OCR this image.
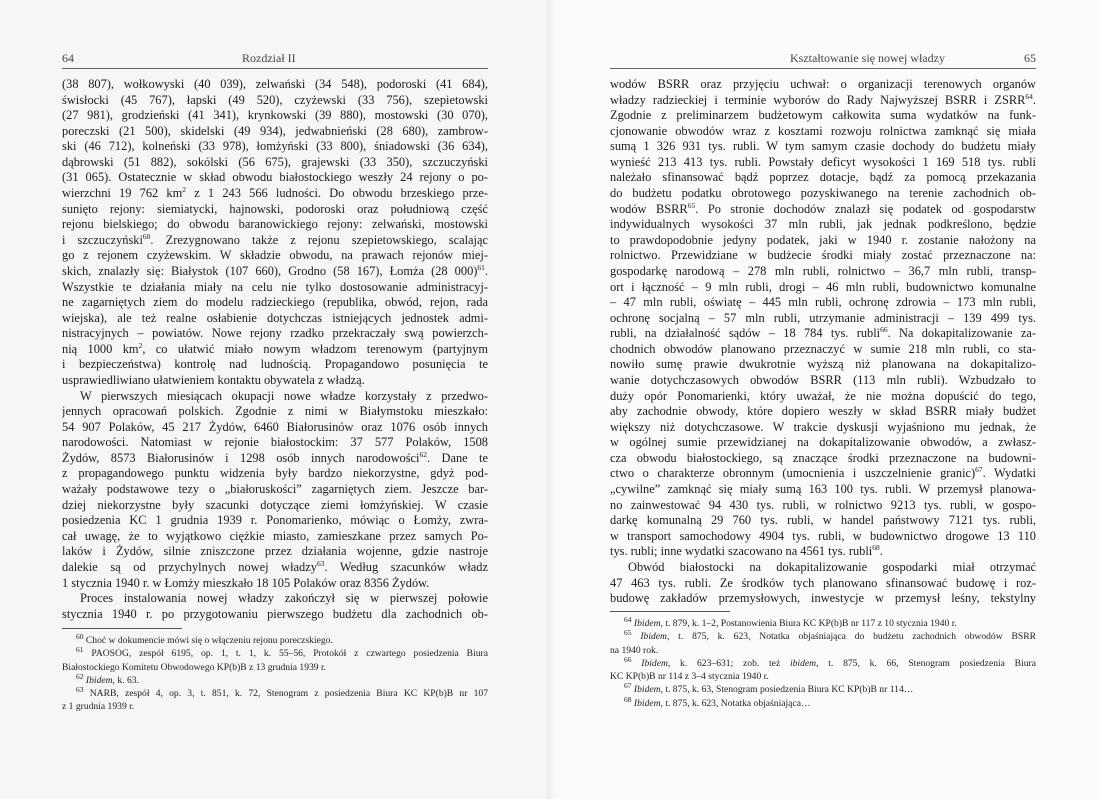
64	Rozdział II
(38 807), wołkowyski (40 039), zelwański (34 548), podoroski (41 684),
świsłocki (45 767), łapski (49 520), czyżewski (33 756), szepietowski
(27 981), grodzieński (41 341), krynkowski (39 880), mostowski (30 070),
poreczski (21 500), skidelski (49 934), jedwabnieński (28 680), zambrow-
ski (46 712), kolneński (33 978), łomżyński (33 800), śniadowski (36 634),
dąbrowski (51 882), sokólski (56 675), grajewski (33 350), szczuczyński
(31 065). Ostatecznie w skład obwodu białostockiego weszły 24 rejony o po-
wierzchni 19 762 $km^2$ z 1 243 566 ludności. Do obwodu brzeskiego prze-
sunięto rejony: siemiatycki, hajnowski, podoroski oraz południową część
rejonu bielskiego; do obwodu baranowickiego rejony: zelwański, mostowski
i szczuczyński$^{60}$. Zrezygnowano także z rejonu szepietowskiego, scalając
go z rejonem czyżewskim. W składzie obwodu, na prawach rejonów miej-
skich, znalazły się: Białystok (107 660), Grodno (58 167), Łomża (28 000)$^{61}$.
Wszystkie te działania miały na celu nie tylko dostosowanie administracyj-
ne zagarniętych ziem do modelu radzieckiego (republika, obwód, rejon, rada
wiejska), ale też realne osłabienie dotychczas istniejących jednostek admi-
nistracyjnych – powiatów. Nowe rejony rzadko przekraczały swą powierzch-
nią 1000 $km^2$, co ułatwić miało nowym władzom terenowym (partyjnym
i bezpieczeństwa) kontrolę nad ludnością. Propagandowo posunięcia te
usprawiedliwiano ułatwieniem kontaktu obywatela z władzą.
W pierwszych miesiącach okupacji nowe władze korzystały z przedwo-
jennych opracowań polskich. Zgodnie z nimi w Białymstoku mieszkało:
54 907 Polaków, 45 217 Żydów, 6460 Białorusinów oraz 1076 osób innych
narodowości. Natomiast w rejonie białostockim: 37 577 Polaków, 1508
Żydów, 8573 Białorusinów i 1298 osób innych narodowości$^{62}$. Dane te
z propagandowego punktu widzenia były bardzo niekorzystne, gdyż pod-
ważały podstawowe tezy o „białoruskości” zagarniętych ziem. Jeszcze bar-
dziej niekorzystne były szacunki dotyczące ziemi łomżyńskiej. W czasie
posiedzenia KC 1 grudnia 1939 r. Ponomarienko, mówiąc o Łomży, zwra-
cał uwagę, że to wyjątkowo ciężkie miasto, zamieszkane przez samych Po-
laków i Żydów, silnie zniszczone przez działania wojenne, gdzie nastroje
dalekie są od przychylnych nowej władzy$^{63}$. Według szacunków władz
1 stycznia 1940 r. w Łomży mieszkało 18 105 Polaków oraz 8356 Żydów.
Proces instalowania nowej władzy zakończył się w pierwszej połowie
stycznia 1940 r. po przygotowaniu pierwszego budżetu dla zachodnich ob-
$^{60}$ Choć w dokumencie mówi się o włączeniu rejonu poreczskiego.
$^{61}$ PAOSOG, zespół 6195, op. 1, t. 1, k. 55–56, Protokół z czwartego posiedzenia Biura
Białostockiego Komitetu Obwodowego KP(b)B z 13 grudnia 1939 r.
$^{62}$ Ibidem, k. 63.
$^{63}$ NARB, zespół 4, op. 3, t. 851, k. 72, Stenogram z posiedzenia Biura KC KP(b)B nr 107
z 1 grudnia 1939 r.
Kształtowanie się nowej władzy	65
wodów BSRR oraz przyjęciu uchwał: o organizacji terenowych organów
władzy radzieckiej i terminie wyborów do Rady Najwyższej BSRR i ZSRR$^{64}$.
Zgodnie z preliminarzem budżetowym całkowita suma wydatków na funk-
cjonowanie obwodów wraz z kosztami rozwoju rolnictwa zamknąć się miała
sumą 1 326 931 tys. rubli. W tym samym czasie dochody do budżetu miały
wynieść 213 413 tys. rubli. Powstały deficyt wysokości 1 169 518 tys. rubli
należało sfinansować bądź poprzez dotacje, bądź za pomocą przekazania
do budżetu podatku obrotowego pozyskiwanego na terenie zachodnich ob-
wodów BSRR$^{65}$. Po stronie dochodów znalazł się podatek od gospodarstw
indywidualnych wysokości 37 mln rubli, jak jednak podkreślono, będzie
to prawdopodobnie jedyny podatek, jaki w 1940 r. zostanie nałożony na
rolnictwo. Przewidziane w budżecie środki miały zostać przeznaczone na:
gospodarkę narodową – 278 mln rubli, rolnictwo – 36,7 mln rubli, transp-
ort i łączność – 9 mln rubli, drogi – 46 mln rubli, budownictwo komunalne
– 47 mln rubli, oświatę – 445 mln rubli, ochronę zdrowia – 173 mln rubli,
ochronę socjalną – 57 mln rubli, utrzymanie administracji – 139 499 tys.
rubli, na działalność sądów – 18 784 tys. rubli$^{66}$. Na dokapitalizowanie za-
chodnich obwodów planowano przeznaczyć w sumie 218 mln rubli, co sta-
nowiło sumę prawie dwukrotnie wyższą niż planowana na dokapitalizo-
wanie dotychczasowych obwodów BSRR (113 mln rubli). Wzbudzało to
duży opór Ponomarienki, który uważał, że nie można dopuścić do tego,
aby zachodnie obwody, które dopiero weszły w skład BSRR miały budżet
większy niż dotychczasowe. W trakcie dyskusji wyjaśniono mu jednak, że
w ogólnej sumie przewidzianej na dokapitalizowanie obwodów, a zwłasz-
cza obwodu białostockiego, są znaczące środki przeznaczone na budowni-
ctwo o charakterze obronnym (umocnienia i uszczelnienie granic)$^{67}$. Wydatki
„cywilne” zamknąć się miały sumą 163 100 tys. rubli. W przemysł planowa-
no zainwestować 94 430 tys. rubli, w rolnictwo 9213 tys. rubli, w gospo-
darkę komunalną 29 760 tys. rubli, w handel państwowy 7121 tys. rubli,
w transport samochodowy 4904 tys. rubli, w budownictwo drogowe 13 110
tys. rubli; inne wydatki szacowano na 4561 tys. rubli$^{68}$.
Obwód białostocki na dokapitalizowanie gospodarki miał otrzymać
47 463 tys. rubli. Ze środków tych planowano sfinansować budowę i roz-
budowę zakładów przemysłowych, inwestycje w przemysł leśny, tekstylny
$^{64}$ Ibidem, t. 879, k. 1–2, Postanowienia Biura KC KP(b)B nr 117 z 10 stycznia 1940 r.
$^{65}$ Ibidem, t. 875, k. 623, Notatka objaśniająca do budżetu zachodnich obwodów BSRR
na 1940 rok.
$^{66}$ Ibidem, k. 623–631; zob. też ibidem, t. 875, k. 66, Stenogram posiedzenia Biura
KC KP(b)B nr 114 z 3–4 stycznia 1940 r.
$^{67}$ Ibidem, t. 875, k. 63, Stenogram posiedzenia Biura KC KP(b)B nr 114…
$^{68}$ Ibidem, t. 875, k. 623, Notatka objaśniająca…
